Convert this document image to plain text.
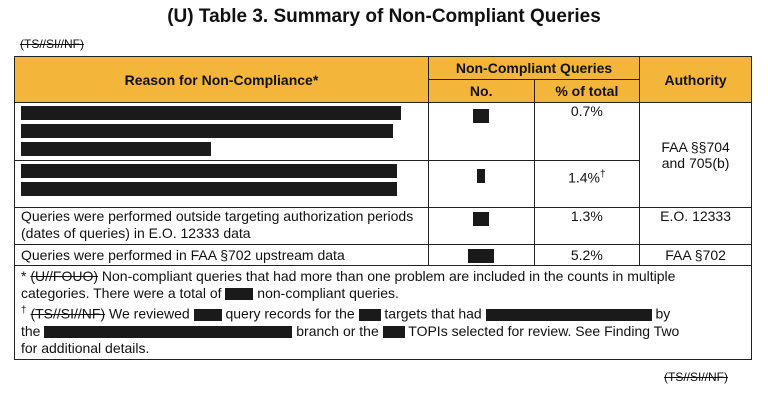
(U) Table 3. Summary of Non-Compliant Queries
(TS//SI//NF)
Reason for Non-Compliance*	Non-Compliant Queries		Authority
	No.	% of total	

		0.7%	FAA §§704
and 705(b)

		1.4%†
Queries were performed outside targeting authorization periods (dates of queries) in E.O. 12333 data		1.3%	E.O. 12333
Queries were performed in FAA §702 upstream data		5.2%	FAA §702

* (U//FOUO) Non-compliant queries that had more than one problem are included in the counts in multiple categories. There were a total of  non-compliant queries.
† (TS//SI//NF) We reviewed  query records for the  targets that had by
the branch or the  TOPIs selected for review. See Finding Two
for additional details.			
(TS//SI//NF)
